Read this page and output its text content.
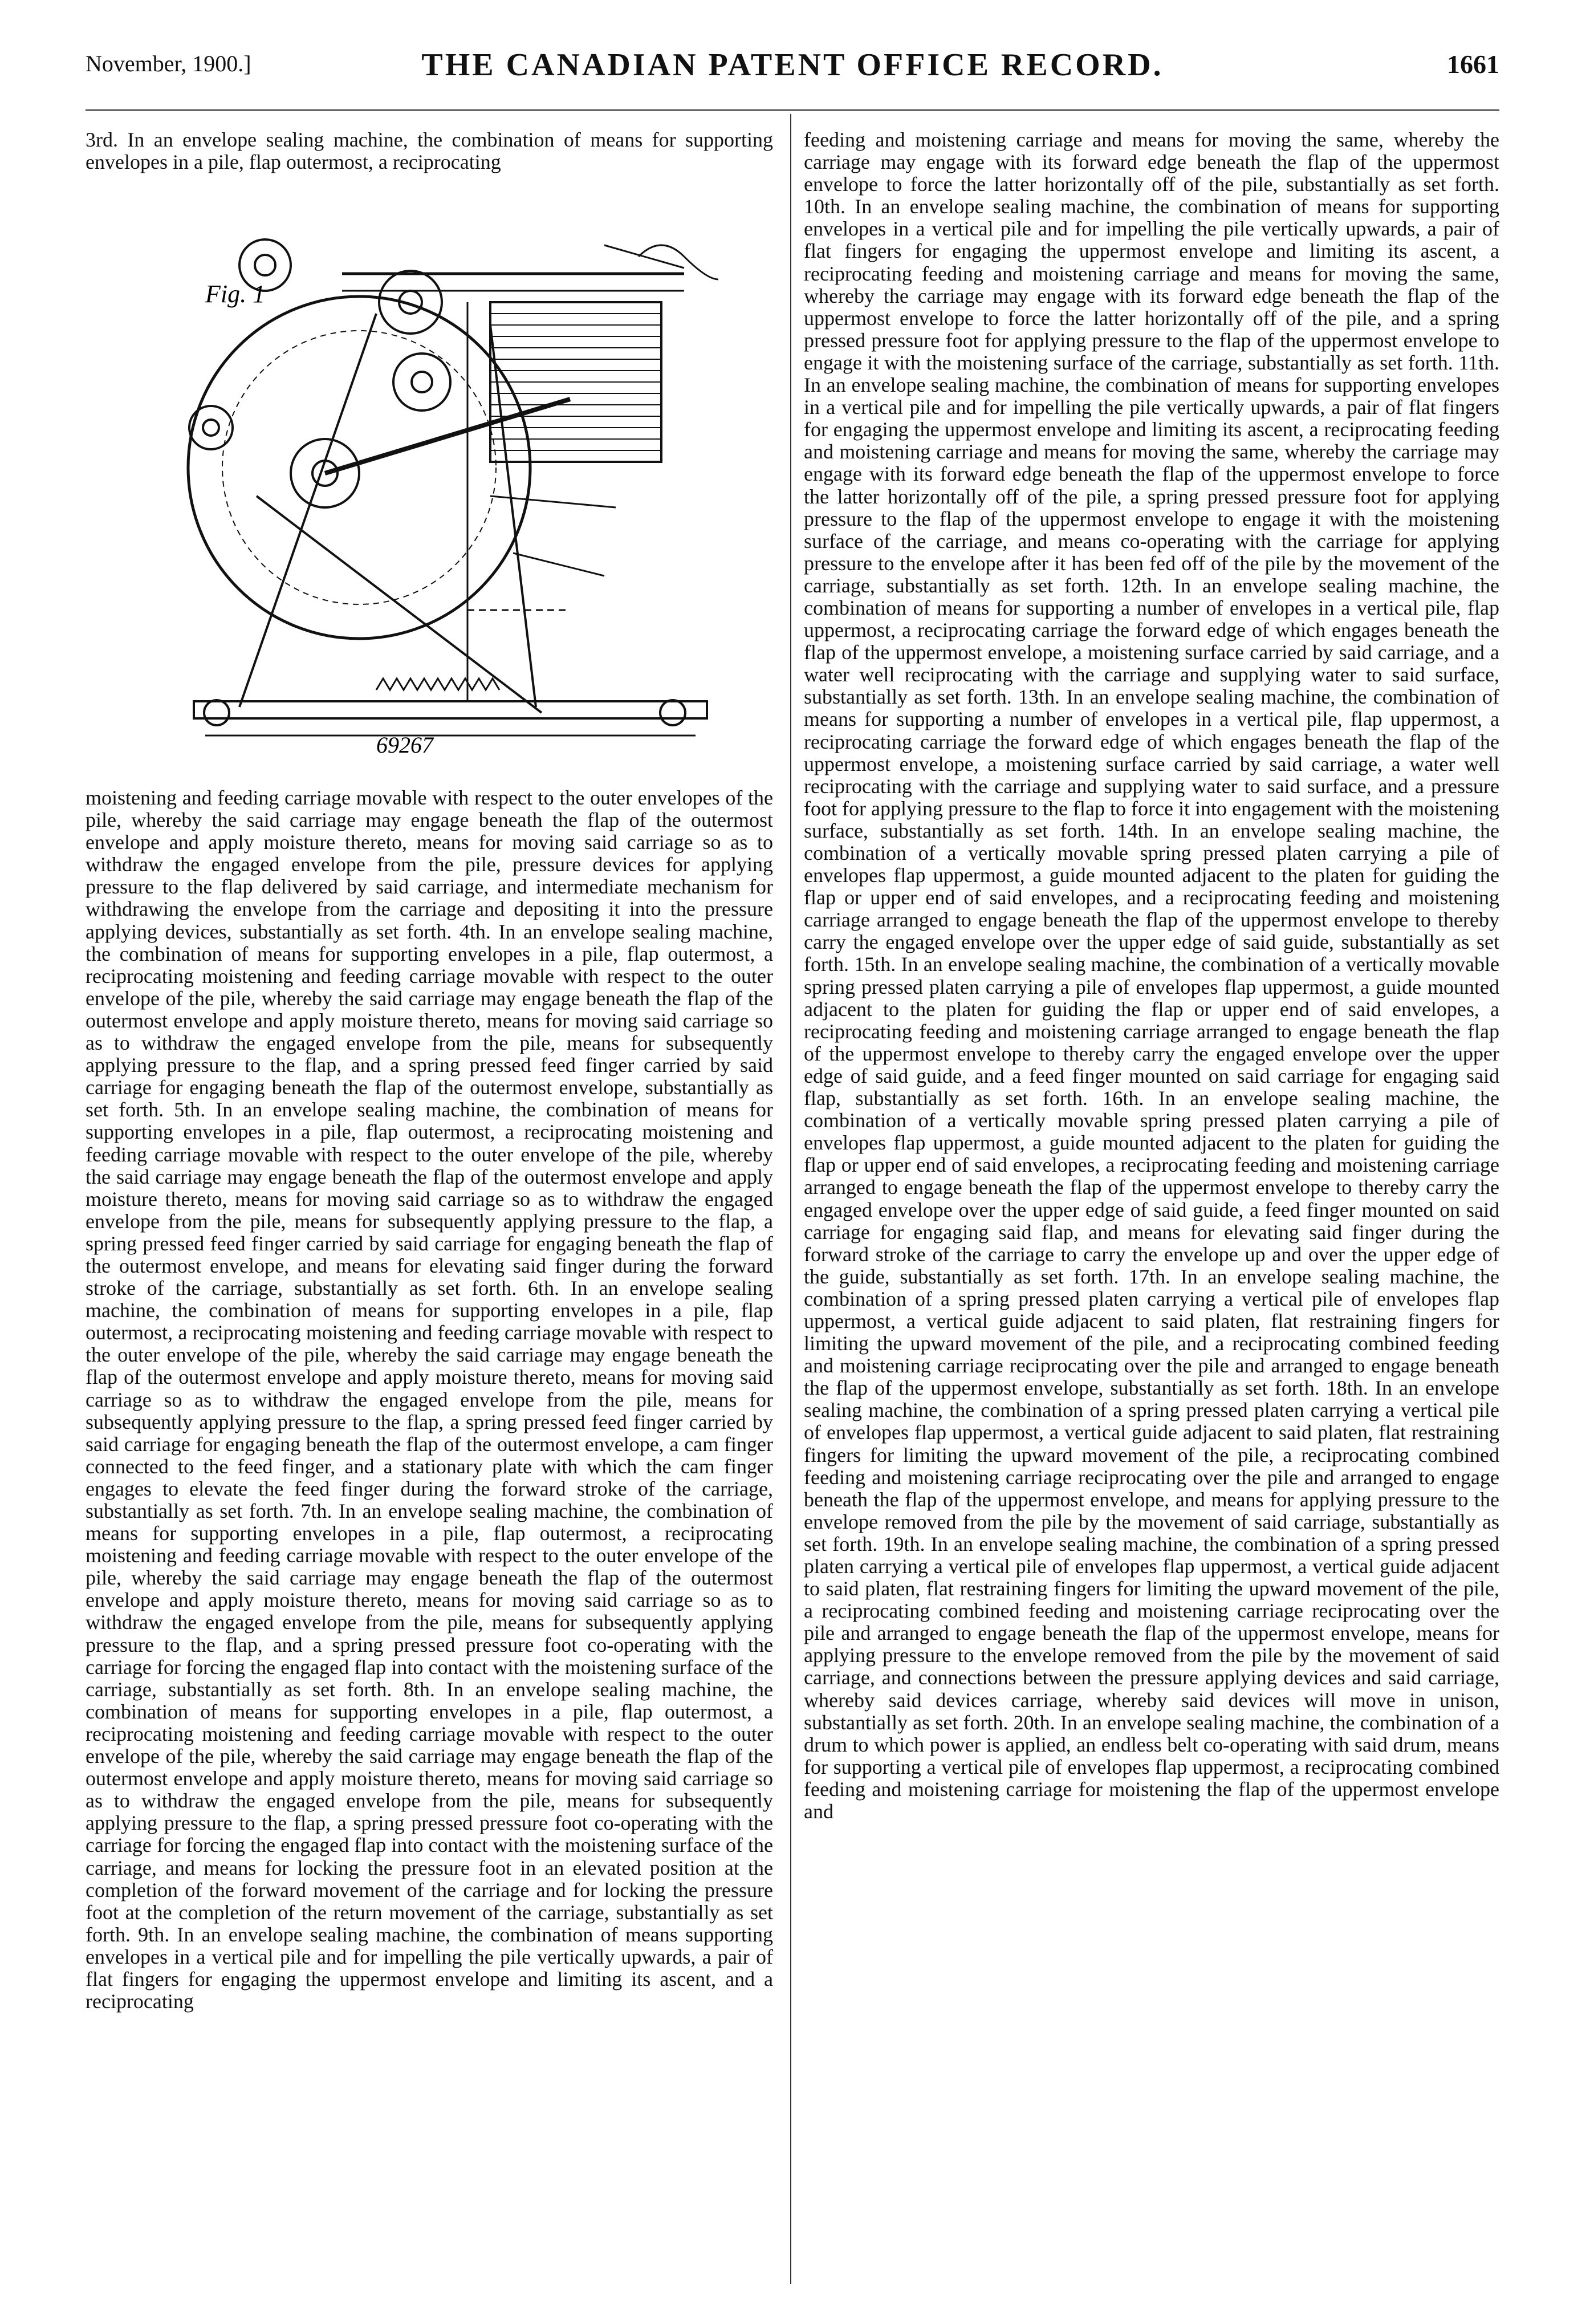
November, 1900.]	THE CANADIAN PATENT OFFICE RECORD.	1661
3rd. In an envelope sealing machine, the combination of means for supporting envelopes in a pile, flap outermost, a reciprocating
Fig. 1
69267
moistening and feeding carriage movable with respect to the outer envelopes of the pile, whereby the said carriage may engage beneath the flap of the outermost envelope and apply moisture thereto, means for moving said carriage so as to withdraw the engaged envelope from the pile, pressure devices for applying pressure to the flap delivered by said carriage, and intermediate mechanism for withdrawing the envelope from the carriage and depositing it into the pressure applying devices, substantially as set forth. 4th. In an envelope sealing machine, the combination of means for supporting envelopes in a pile, flap outermost, a reciprocating moistening and feeding carriage movable with respect to the outer envelope of the pile, whereby the said carriage may engage beneath the flap of the outermost envelope and apply moisture thereto, means for moving said carriage so as to withdraw the engaged envelope from the pile, means for subsequently applying pressure to the flap, and a spring pressed feed finger carried by said carriage for engaging beneath the flap of the outermost envelope, substantially as set forth. 5th. In an envelope sealing machine, the combination of means for supporting envelopes in a pile, flap outermost, a reciprocating moistening and feeding carriage movable with respect to the outer envelope of the pile, whereby the said carriage may engage beneath the flap of the outermost envelope and apply moisture thereto, means for moving said carriage so as to withdraw the engaged envelope from the pile, means for subsequently applying pressure to the flap, a spring pressed feed finger carried by said carriage for engaging beneath the flap of the outermost envelope, and means for elevating said finger during the forward stroke of the carriage, substantially as set forth. 6th. In an envelope sealing machine, the combination of means for supporting envelopes in a pile, flap outermost, a reciprocating moistening and feeding carriage movable with respect to the outer envelope of the pile, whereby the said carriage may engage beneath the flap of the outermost envelope and apply moisture thereto, means for moving said carriage so as to withdraw the engaged envelope from the pile, means for subsequently applying pressure to the flap, a spring pressed feed finger carried by said carriage for engaging beneath the flap of the outermost envelope, a cam finger connected to the feed finger, and a stationary plate with which the cam finger engages to elevate the feed finger during the forward stroke of the carriage, substantially as set forth. 7th. In an envelope sealing machine, the combination of means for supporting envelopes in a pile, flap outermost, a reciprocating moistening and feeding carriage movable with respect to the outer envelope of the pile, whereby the said carriage may engage beneath the flap of the outermost envelope and apply moisture thereto, means for moving said carriage so as to withdraw the engaged envelope from the pile, means for subsequently applying pressure to the flap, and a spring pressed pressure foot co-operating with the carriage for forcing the engaged flap into contact with the moistening surface of the carriage, substantially as set forth. 8th. In an envelope sealing machine, the combination of means for supporting envelopes in a pile, flap outermost, a reciprocating moistening and feeding carriage movable with respect to the outer envelope of the pile, whereby the said carriage may engage beneath the flap of the outermost envelope and apply moisture thereto, means for moving said carriage so as to withdraw the engaged envelope from the pile, means for subsequently applying pressure to the flap, a spring pressed pressure foot co-operating with the carriage for forcing the engaged flap into contact with the moistening surface of the carriage, and means for locking the pressure foot in an elevated position at the completion of the forward movement of the carriage and for locking the pressure foot at the completion of the return movement of the carriage, substantially as set forth. 9th. In an envelope sealing machine, the combination of means supporting envelopes in a vertical pile and for impelling the pile vertically upwards, a pair of flat fingers for engaging the uppermost envelope and limiting its ascent, and a reciprocating
feeding and moistening carriage and means for moving the same, whereby the carriage may engage with its forward edge beneath the flap of the uppermost envelope to force the latter horizontally off of the pile, substantially as set forth. 10th. In an envelope sealing machine, the combination of means for supporting envelopes in a vertical pile and for impelling the pile vertically upwards, a pair of flat fingers for engaging the uppermost envelope and limiting its ascent, a reciprocating feeding and moistening carriage and means for moving the same, whereby the carriage may engage with its forward edge beneath the flap of the uppermost envelope to force the latter horizontally off of the pile, and a spring pressed pressure foot for applying pressure to the flap of the uppermost envelope to engage it with the moistening surface of the carriage, substantially as set forth. 11th. In an envelope sealing machine, the combination of means for supporting envelopes in a vertical pile and for impelling the pile vertically upwards, a pair of flat fingers for engaging the uppermost envelope and limiting its ascent, a reciprocating feeding and moistening carriage and means for moving the same, whereby the carriage may engage with its forward edge beneath the flap of the uppermost envelope to force the latter horizontally off of the pile, a spring pressed pressure foot for applying pressure to the flap of the uppermost envelope to engage it with the moistening surface of the carriage, and means co-operating with the carriage for applying pressure to the envelope after it has been fed off of the pile by the movement of the carriage, substantially as set forth. 12th. In an envelope sealing machine, the combination of means for supporting a number of envelopes in a vertical pile, flap uppermost, a reciprocating carriage the forward edge of which engages beneath the flap of the uppermost envelope, a moistening surface carried by said carriage, and a water well reciprocating with the carriage and supplying water to said surface, substantially as set forth. 13th. In an envelope sealing machine, the combination of means for supporting a number of envelopes in a vertical pile, flap uppermost, a reciprocating carriage the forward edge of which engages beneath the flap of the uppermost envelope, a moistening surface carried by said carriage, a water well reciprocating with the carriage and supplying water to said surface, and a pressure foot for applying pressure to the flap to force it into engagement with the moistening surface, substantially as set forth. 14th. In an envelope sealing machine, the combination of a vertically movable spring pressed platen carrying a pile of envelopes flap uppermost, a guide mounted adjacent to the platen for guiding the flap or upper end of said envelopes, and a reciprocating feeding and moistening carriage arranged to engage beneath the flap of the uppermost envelope to thereby carry the engaged envelope over the upper edge of said guide, substantially as set forth. 15th. In an envelope sealing machine, the combination of a vertically movable spring pressed platen carrying a pile of envelopes flap uppermost, a guide mounted adjacent to the platen for guiding the flap or upper end of said envelopes, a reciprocating feeding and moistening carriage arranged to engage beneath the flap of the uppermost envelope to thereby carry the engaged envelope over the upper edge of said guide, and a feed finger mounted on said carriage for engaging said flap, substantially as set forth. 16th. In an envelope sealing machine, the combination of a vertically movable spring pressed platen carrying a pile of envelopes flap uppermost, a guide mounted adjacent to the platen for guiding the flap or upper end of said envelopes, a reciprocating feeding and moistening carriage arranged to engage beneath the flap of the uppermost envelope to thereby carry the engaged envelope over the upper edge of said guide, a feed finger mounted on said carriage for engaging said flap, and means for elevating said finger during the forward stroke of the carriage to carry the envelope up and over the upper edge of the guide, substantially as set forth. 17th. In an envelope sealing machine, the combination of a spring pressed platen carrying a vertical pile of envelopes flap uppermost, a vertical guide adjacent to said platen, flat restraining fingers for limiting the upward movement of the pile, and a reciprocating combined feeding and moistening carriage reciprocating over the pile and arranged to engage beneath the flap of the uppermost envelope, substantially as set forth. 18th. In an envelope sealing machine, the combination of a spring pressed platen carrying a vertical pile of envelopes flap uppermost, a vertical guide adjacent to said platen, flat restraining fingers for limiting the upward movement of the pile, a reciprocating combined feeding and moistening carriage reciprocating over the pile and arranged to engage beneath the flap of the uppermost envelope, and means for applying pressure to the envelope removed from the pile by the movement of said carriage, substantially as set forth. 19th. In an envelope sealing machine, the combination of a spring pressed platen carrying a vertical pile of envelopes flap uppermost, a vertical guide adjacent to said platen, flat restraining fingers for limiting the upward movement of the pile, a reciprocating combined feeding and moistening carriage reciprocating over the pile and arranged to engage beneath the flap of the uppermost envelope, means for applying pressure to the envelope removed from the pile by the movement of said carriage, and connections between the pressure applying devices and said carriage, whereby said devices carriage, whereby said devices will move in unison, substantially as set forth. 20th. In an envelope sealing machine, the combination of a drum to which power is applied, an endless belt co-operating with said drum, means for supporting a vertical pile of envelopes flap uppermost, a reciprocating combined feeding and moistening carriage for moistening the flap of the uppermost envelope and
